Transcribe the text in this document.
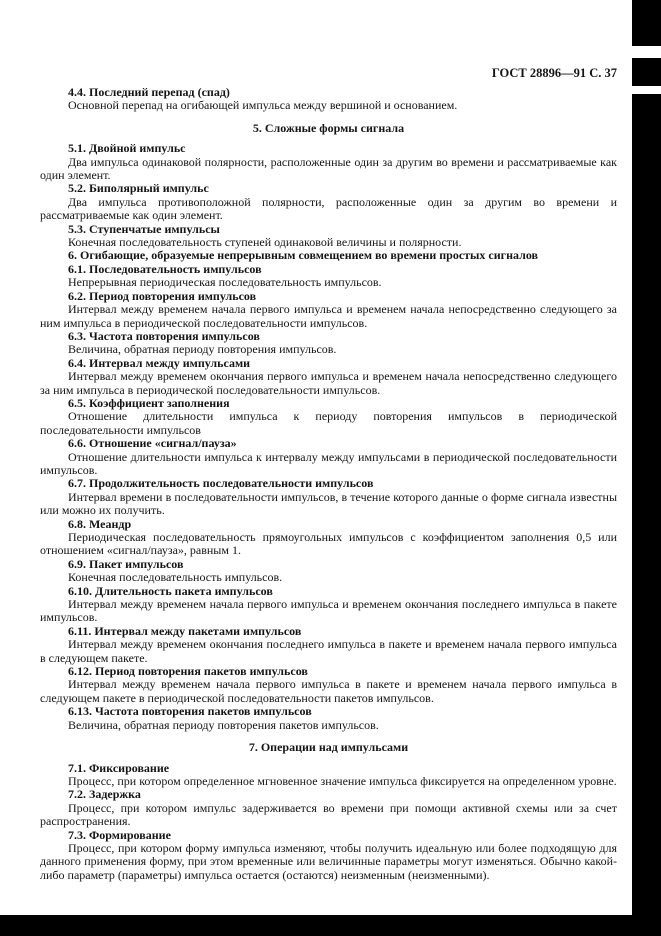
ГОСТ 28896—91 С. 37

4.4. Последний перепад (спад)

Основной перепад на огибающей импульса между вершиной и основанием.

5. Сложные формы сигнала

5.1. Двойной импульс

Два импульса одинаковой полярности, расположенные один за другим во времени и рассматриваемые как один элемент.

5.2. Биполярный импульс

Два импульса противоположной полярности, расположенные один за другим во времени и рассматриваемые как один элемент.

5.3. Ступенчатые импульсы

Конечная последовательность ступеней одинаковой величины и полярности.

6. Огибающие, образуемые непрерывным совмещением во времени простых сигналов

6.1. Последовательность импульсов

Непрерывная периодическая последовательность импульсов.

6.2. Период повторения импульсов

Интервал между временем начала первого импульса и временем начала непосредственно следующего за ним импульса в периодической последовательности импульсов.

6.3. Частота повторения импульсов

Величина, обратная периоду повторения импульсов.

6.4. Интервал между импульсами

Интервал между временем окончания первого импульса и временем начала непосредственно следующего за ним импульса в периодической последовательности импульсов.

6.5. Коэффициент заполнения

Отношение длительности импульса к периоду повторения импульсов в периодической последовательности импульсов

6.6. Отношение «сигнал/пауза»

Отношение длительности импульса к интервалу между импульсами в периодической последовательности импульсов.

6.7. Продолжительность последовательности импульсов

Интервал времени в последовательности импульсов, в течение которого данные о форме сигнала известны или можно их получить.

6.8. Меандр

Периодическая последовательность прямоугольных импульсов с коэффициентом заполнения 0,5 или отношением «сигнал/пауза», равным 1.

6.9. Пакет импульсов

Конечная последовательность импульсов.

6.10. Длительность пакета импульсов

Интервал между временем начала первого импульса и временем окончания последнего импульса в пакете импульсов.

6.11. Интервал между пакетами импульсов

Интервал между временем окончания последнего импульса в пакете и временем начала первого импульса в следующем пакете.

6.12. Период повторения пакетов импульсов

Интервал между временем начала первого импульса в пакете и временем начала первого импульса в следующем пакете в периодической последовательности пакетов импульсов.

6.13. Частота повторения пакетов импульсов

Величина, обратная периоду повторения пакетов импульсов.

7. Операции над импульсами

7.1. Фиксирование

Процесс, при котором определенное мгновенное значение импульса фиксируется на определенном уровне.

7.2. Задержка

Процесс, при котором импульс задерживается во времени при помощи активной схемы или за счет распространения.

7.3. Формирование

Процесс, при котором форму импульса изменяют, чтобы получить идеальную или более подходящую для данного применения форму, при этом временные или величинные параметры могут изменяться. Обычно какой-либо параметр (параметры) импульса остается (остаются) неизменным (неизменными).
